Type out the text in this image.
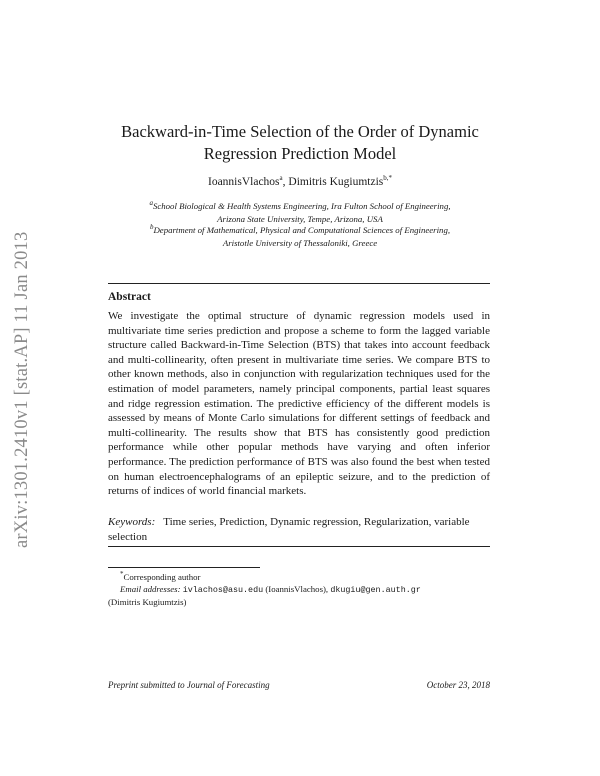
arXiv:1301.2410v1 [stat.AP] 11 Jan 2013
Backward-in-Time Selection of the Order of Dynamic
Regression Prediction Model
IoannisVlachos$^a$, Dimitris Kugiumtzis$^{b,*}$
$^a$School Biological & Health Systems Engineering, Ira Fulton School of Engineering,
Arizona State University, Tempe, Arizona, USA
$^b$Department of Mathematical, Physical and Computational Sciences of Engineering,
Aristotle University of Thessaloniki, Greece
Abstract
We investigate the optimal structure of dynamic regression models used in multivariate time series prediction and propose a scheme to form the lagged variable structure called Backward-in-Time Selection (BTS) that takes into account feedback and multi-collinearity, often present in multivariate time series. We compare BTS to other known methods, also in conjunction with regularization techniques used for the estimation of model parameters, namely principal components, partial least squares and ridge regression estimation. The predictive efficiency of the different models is assessed by means of Monte Carlo simulations for different settings of feedback and multi-collinearity. The results show that BTS has consistently good prediction performance while other popular methods have varying and often inferior performance. The prediction performance of BTS was also found the best when tested on human electroencephalograms of an epileptic seizure, and to the prediction of returns of indices of world financial markets.
Keywords: Time series, Prediction, Dynamic regression, Regularization, variable selection
*Corresponding author
Email addresses: ivlachos@asu.edu (IoannisVlachos), dkugiu@gen.auth.gr
(Dimitris Kugiumtzis)
Preprint submitted to Journal of Forecasting	October 23, 2018
